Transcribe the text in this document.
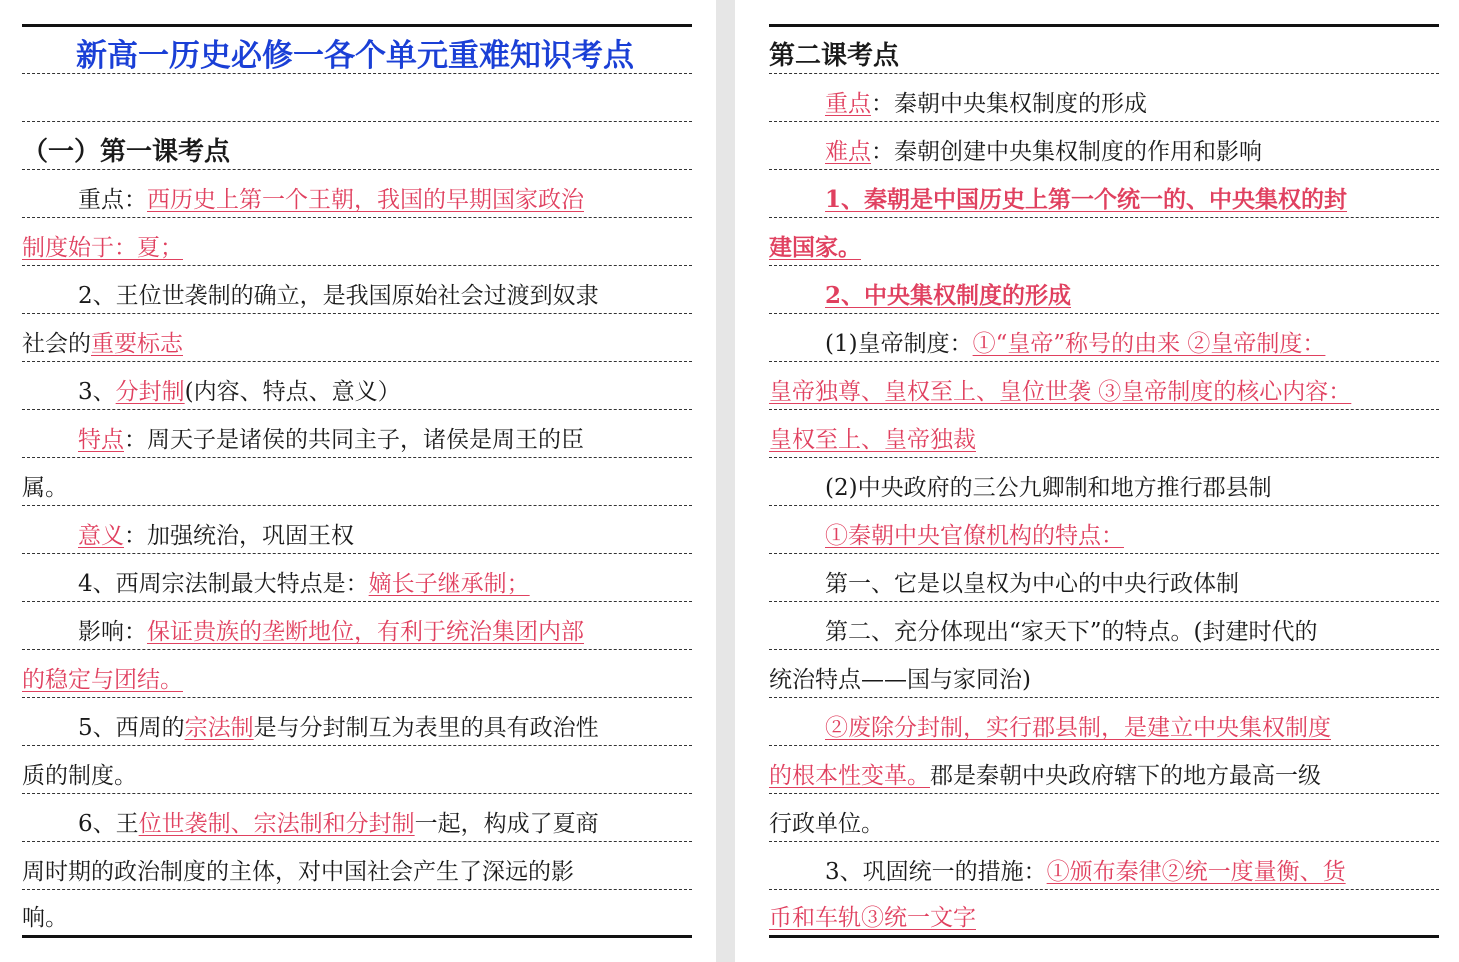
新高一历史必修一各个单元重难知识考点
（一）第一课考点
重点： 西历史上第一个王朝，我国的早期国家政治
制度始于：夏；
2、王位世袭制的确立，是我国原始社会过渡到奴隶
社会的 重要标志
3、 分封制 (内容、特点、意义）
特点 ：周天子是诸侯的共同主子，诸侯是周王的臣
属。
意义 ：加强统治，巩固王权
4、西周宗法制最大特点是： 嫡长子继承制；
影响： 保证贵族的垄断地位，有利于统治集团内部
的稳定与团结。
5、西周的 宗法制 是与分封制互为表里的具有政治性
质的制度。
6、王 位世袭制、宗法制和分封制 一起，构成了夏商
周时期的政治制度的主体，对中国社会产生了深远的影
响。
第二课考点
重点 ：秦朝中央集权制度的形成
难点 ：秦朝创建中央集权制度的作用和影响
1、秦朝是中国历史上第一个统一的、中央集权的封
建国家。
2、中央集权制度的形成
(1)皇帝制度： ①“皇帝”称号的由来 ②皇帝制度：
皇帝独尊、皇权至上、皇位世袭 ③皇帝制度的核心内容：
皇权至上、皇帝独裁
(2)中央政府的三公九卿制和地方推行郡县制
①秦朝中央官僚机构的特点：
第一、它是以皇权为中心的中央行政体制
第二、充分体现出“家天下”的特点。(封建时代的
统治特点——国与家同治)
②废除分封制，实行郡县制，是建立中央集权制度
的根本性变革。 郡是秦朝中央政府辖下的地方最高一级
行政单位。
3、巩固统一的措施： ①颁布秦律②统一度量衡、货
币和车轨③统一文字
